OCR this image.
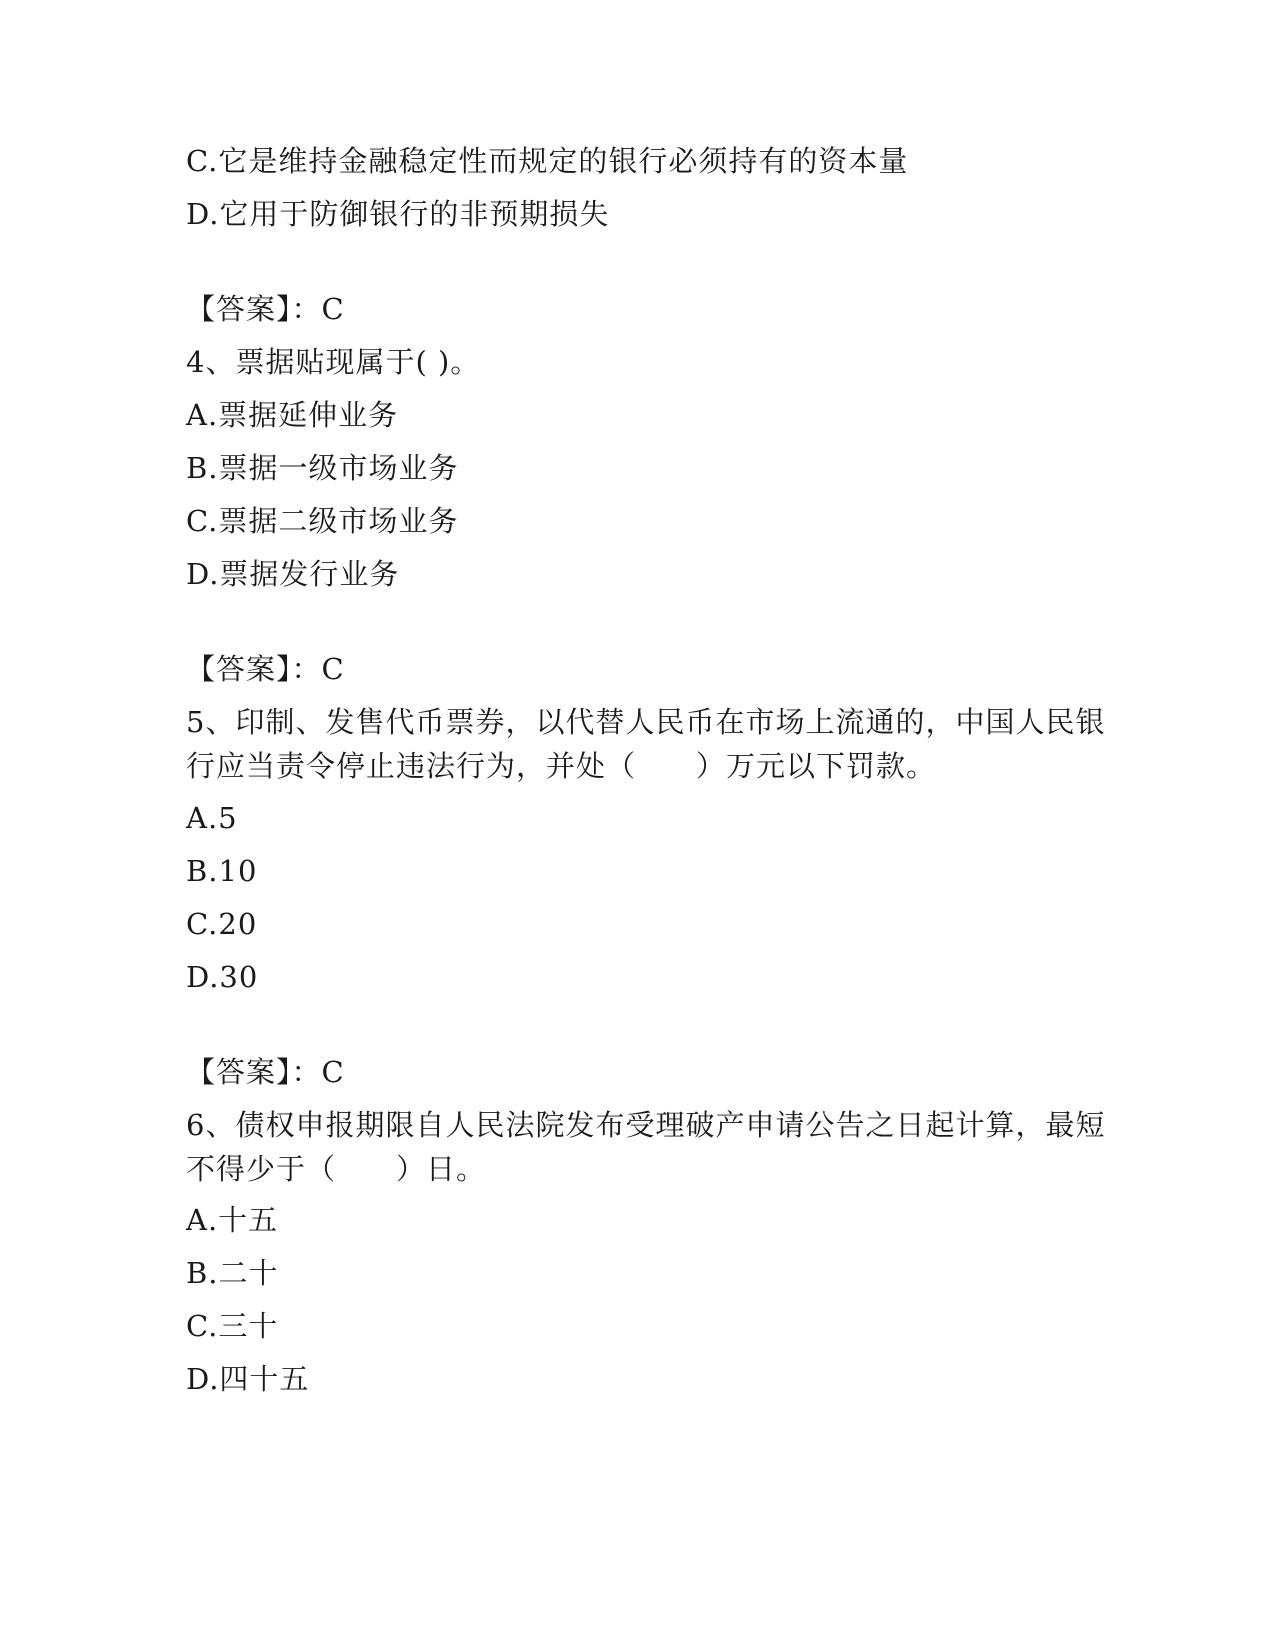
C.它是维持金融稳定性而规定的银行必须持有的资本量
D.它用于防御银行的非预期损失
【答案】：C
4、票据贴现属于( )。
A.票据延伸业务
B.票据一级市场业务
C.票据二级市场业务
D.票据发行业务
【答案】：C
5、印制、发售代币票券，以代替人民币在市场上流通的，中国人民银
行应当责令停止违法行为，并处（　　）万元以下罚款。
A.5
B.10
C.20
D.30
【答案】：C
6、债权申报期限自人民法院发布受理破产申请公告之日起计算，最短
不得少于（　　）日。
A.十五
B.二十
C.三十
D.四十五
